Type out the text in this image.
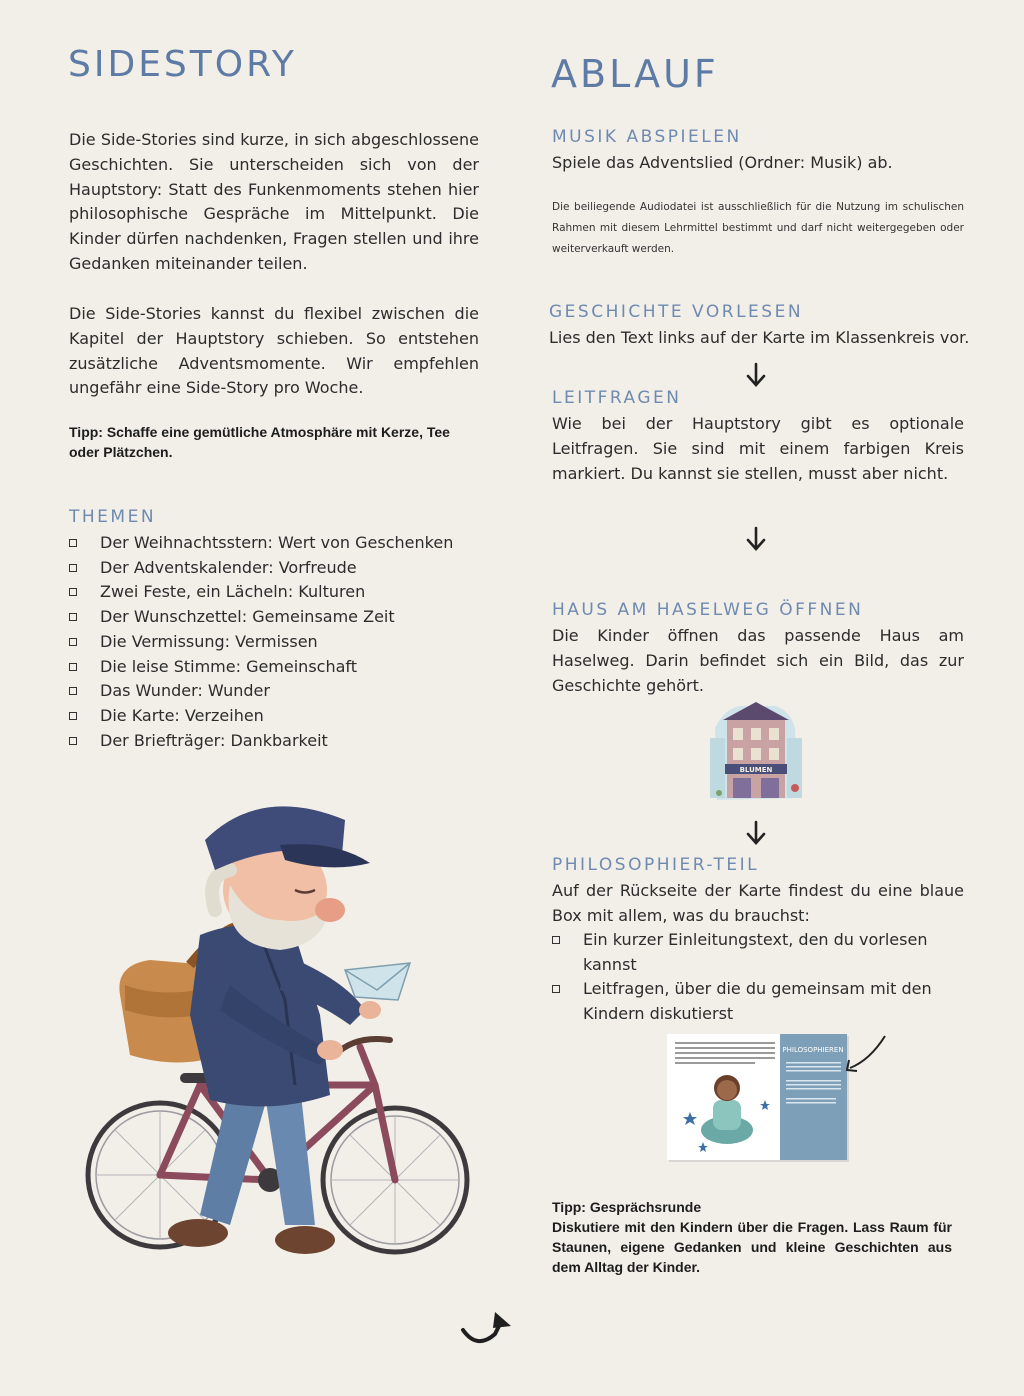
SIDESTORY

Die Side-Stories sind kurze, in sich abgeschlossene Geschichten. Sie unterscheiden sich von der Hauptstory: Statt des Funkenmoments stehen hier philosophische Gespräche im Mittelpunkt. Die Kinder dürfen nachdenken, Fragen stellen und ihre Gedanken miteinander teilen.

Die Side-Stories kannst du flexibel zwischen die Kapitel der Hauptstory schieben. So entstehen zusätzliche Adventsmomente. Wir empfehlen ungefähr eine Side-Story pro Woche.

Tipp: Schaffe eine gemütliche Atmosphäre mit Kerze, Tee oder Plätzchen.

THEMEN
Der Weihnachtsstern: Wert von Geschenken
Der Adventskalender: Vorfreude
Zwei Feste, ein Lächeln: Kulturen
Der Wunschzettel: Gemeinsame Zeit
Die Vermissung: Vermissen
Die leise Stimme: Gemeinschaft
Das Wunder: Wunder
Die Karte: Verzeihen
Der Briefträger: Dankbarkeit
ABLAUF
MUSIK ABSPIELEN

Spiele das Adventslied (Ordner: Musik) ab.

Die beiliegende Audiodatei ist ausschließlich für die Nutzung im schulischen Rahmen mit diesem Lehrmittel bestimmt und darf nicht weitergegeben oder weiterverkauft werden.

GESCHICHTE VORLESEN

Lies den Text links auf der Karte im Klassenkreis vor.

LEITFRAGEN

Wie bei der Hauptstory gibt es optionale Leitfragen. Sie sind mit einem farbigen Kreis markiert. Du kannst sie stellen, musst aber nicht.

HAUS AM HASELWEG ÖFFNEN

Die Kinder öffnen das passende Haus am Haselweg. Darin befindet sich ein Bild, das zur Geschichte gehört.

BLUMEN
PHILOSOPHIER-TEIL

Auf der Rückseite der Karte findest du eine blaue Box mit allem, was du brauchst:

Ein kurzer Einleitungstext, den du vorlesen kannst
Leitfragen, über die du gemeinsam mit den Kindern diskutierst
PHILOSOPHIEREN

Tipp: Gesprächsrunde

Diskutiere mit den Kindern über die Fragen. Lass Raum für Staunen, eigene Gedanken und kleine Geschichten aus dem Alltag der Kinder.
